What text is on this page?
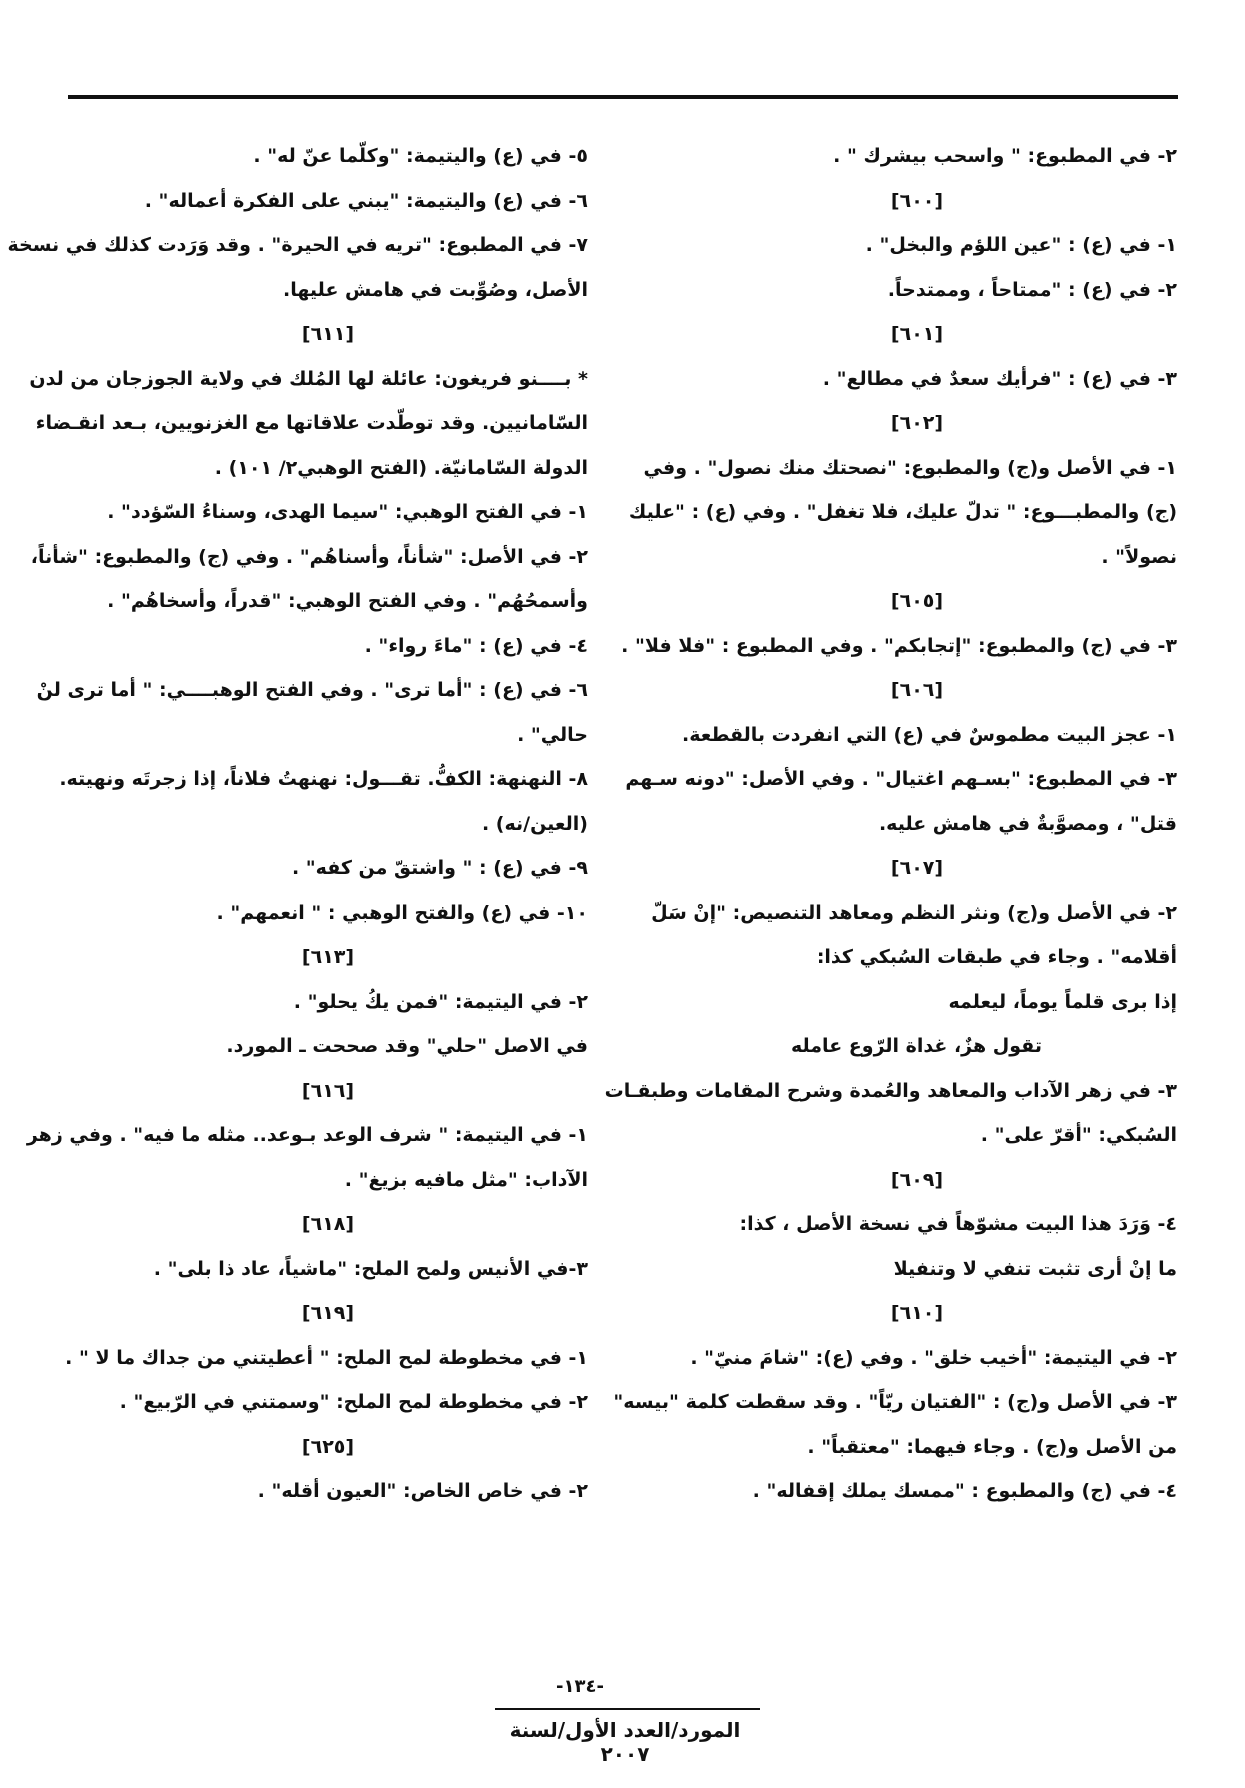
٢- في المطبوع: " واسحب بيشرك " .
[٦٠٠]
١- في (ع) : "عين اللؤم والبخل" .
٢- في (ع) : "ممتاحاً ، وممتدحاً.
[٦٠١]
٣- في (ع) : "فرأيك سعدٌ في مطالع" .
[٦٠٢]
١- في الأصل و(ج) والمطبوع: "نصحتك منك نصول" . وفي
(ج) والمطبـــوع: " تدلّ عليك، فلا تغفل" . وفي (ع) : "عليك
نصولاً" .
[٦٠٥]
٣- في (ج) والمطبوع: "إتجابكم" . وفي المطبوع : "فلا فلا" .
[٦٠٦]
١- عجز البيت مطموسٌ في (ع) التي انفردت بالقطعة.
٣- في المطبوع: "بسـهم اغتيال" . وفي الأصل: "دونه سـهم
قتل" ، ومصوَّبةٌ في هامش عليه.
[٦٠٧]
٢- في الأصل و(ج) ونثر النظم ومعاهد التنصيص: "إنْ سَلّ
أقلامه" . وجاء في طبقات السُبكي كذا:
إذا برى قلماً يوماً، ليعلمه
تقول هزٌ، غداة الرّوع عامله
٣- في زهر الآداب والمعاهد والعُمدة وشرح المقامات وطبقـات
السُبكي: "أقرّ على" .
[٦٠٩]
٤- وَرَدَ هذا البيت مشوّهاً في نسخة الأصل ، كذا:
ما إنْ أرى تثبت تنفي لا وتنفيلا
[٦١٠]
٢- في اليتيمة: "أخيب خلق" . وفي (ع): "شامَ منيّ" .
٣- في الأصل و(ج) : "الفتيان ريّاً" . وقد سقطت كلمة "بيسه"
من الأصل و(ج) . وجاء فيهما: "معتقباً" .
٤- في (ج) والمطبوع : "ممسك يملك إقفاله" .
٥- في (ع) واليتيمة: "وكلّما عنّ له" .
٦- في (ع) واليتيمة: "يبني على الفكرة أعماله" .
٧- في المطبوع: "تريه في الحيرة" . وقد وَرَدت كذلك في نسخة
الأصل، وصُوِّبت في هامش عليها.
[٦١١]
* بــــنو فريغون: عائلة لها المُلك في ولاية الجوزجان من لدن
السّامانيين. وقد توطّدت علاقاتها مع الغزنويين، بـعد انقـضاء
الدولة السّامانيّة. (الفتح الوهبي٢/ ١٠١) .
١- في الفتح الوهبي: "سيما الهدى، وسناءُ السّؤدد" .
٢- في الأصل: "شأناً، وأسناهُم" . وفي (ج) والمطبوع: "شأناً،
وأسمحُهُم" . وفي الفتح الوهبي: "قدراً، وأسخاهُم" .
٤- في (ع) : "ماءَ رواء" .
٦- في (ع) : "أما ترى" . وفي الفتح الوهبــــي: " أما ترى لنْ
حالي" .
٨- النهنهة: الكفُّ. تقـــول: نهنهتُ فلاناً، إذا زجرتَه ونهيته.
(العين/نه) .
٩- في (ع) : " واشتقّ من كفه" .
١٠- في (ع) والفتح الوهبي : " انعمهم" .
[٦١٣]
٢- في اليتيمة: "فمن يكُ يحلو" .
في الاصل "حلي" وقد صححت ـ المورد.
[٦١٦]
١- في اليتيمة: " شرف الوعد بـوعد.. مثله ما فيه" . وفي زهر
الآداب: "مثل مافيه بزيغ" .
[٦١٨]
٣-في الأنيس ولمح الملح: "ماشياً، عاد ذا بلى" .
[٦١٩]
١- في مخطوطة لمح الملح: " أعطيتني من جداك ما لا " .
٢- في مخطوطة لمح الملح: "وسمتني في الرّبيع" .
[٦٢٥]
٢- في خاص الخاص: "العيون أقله" .
-١٣٤-
المورد/العدد الأول/لسنة ٢٠٠٧
